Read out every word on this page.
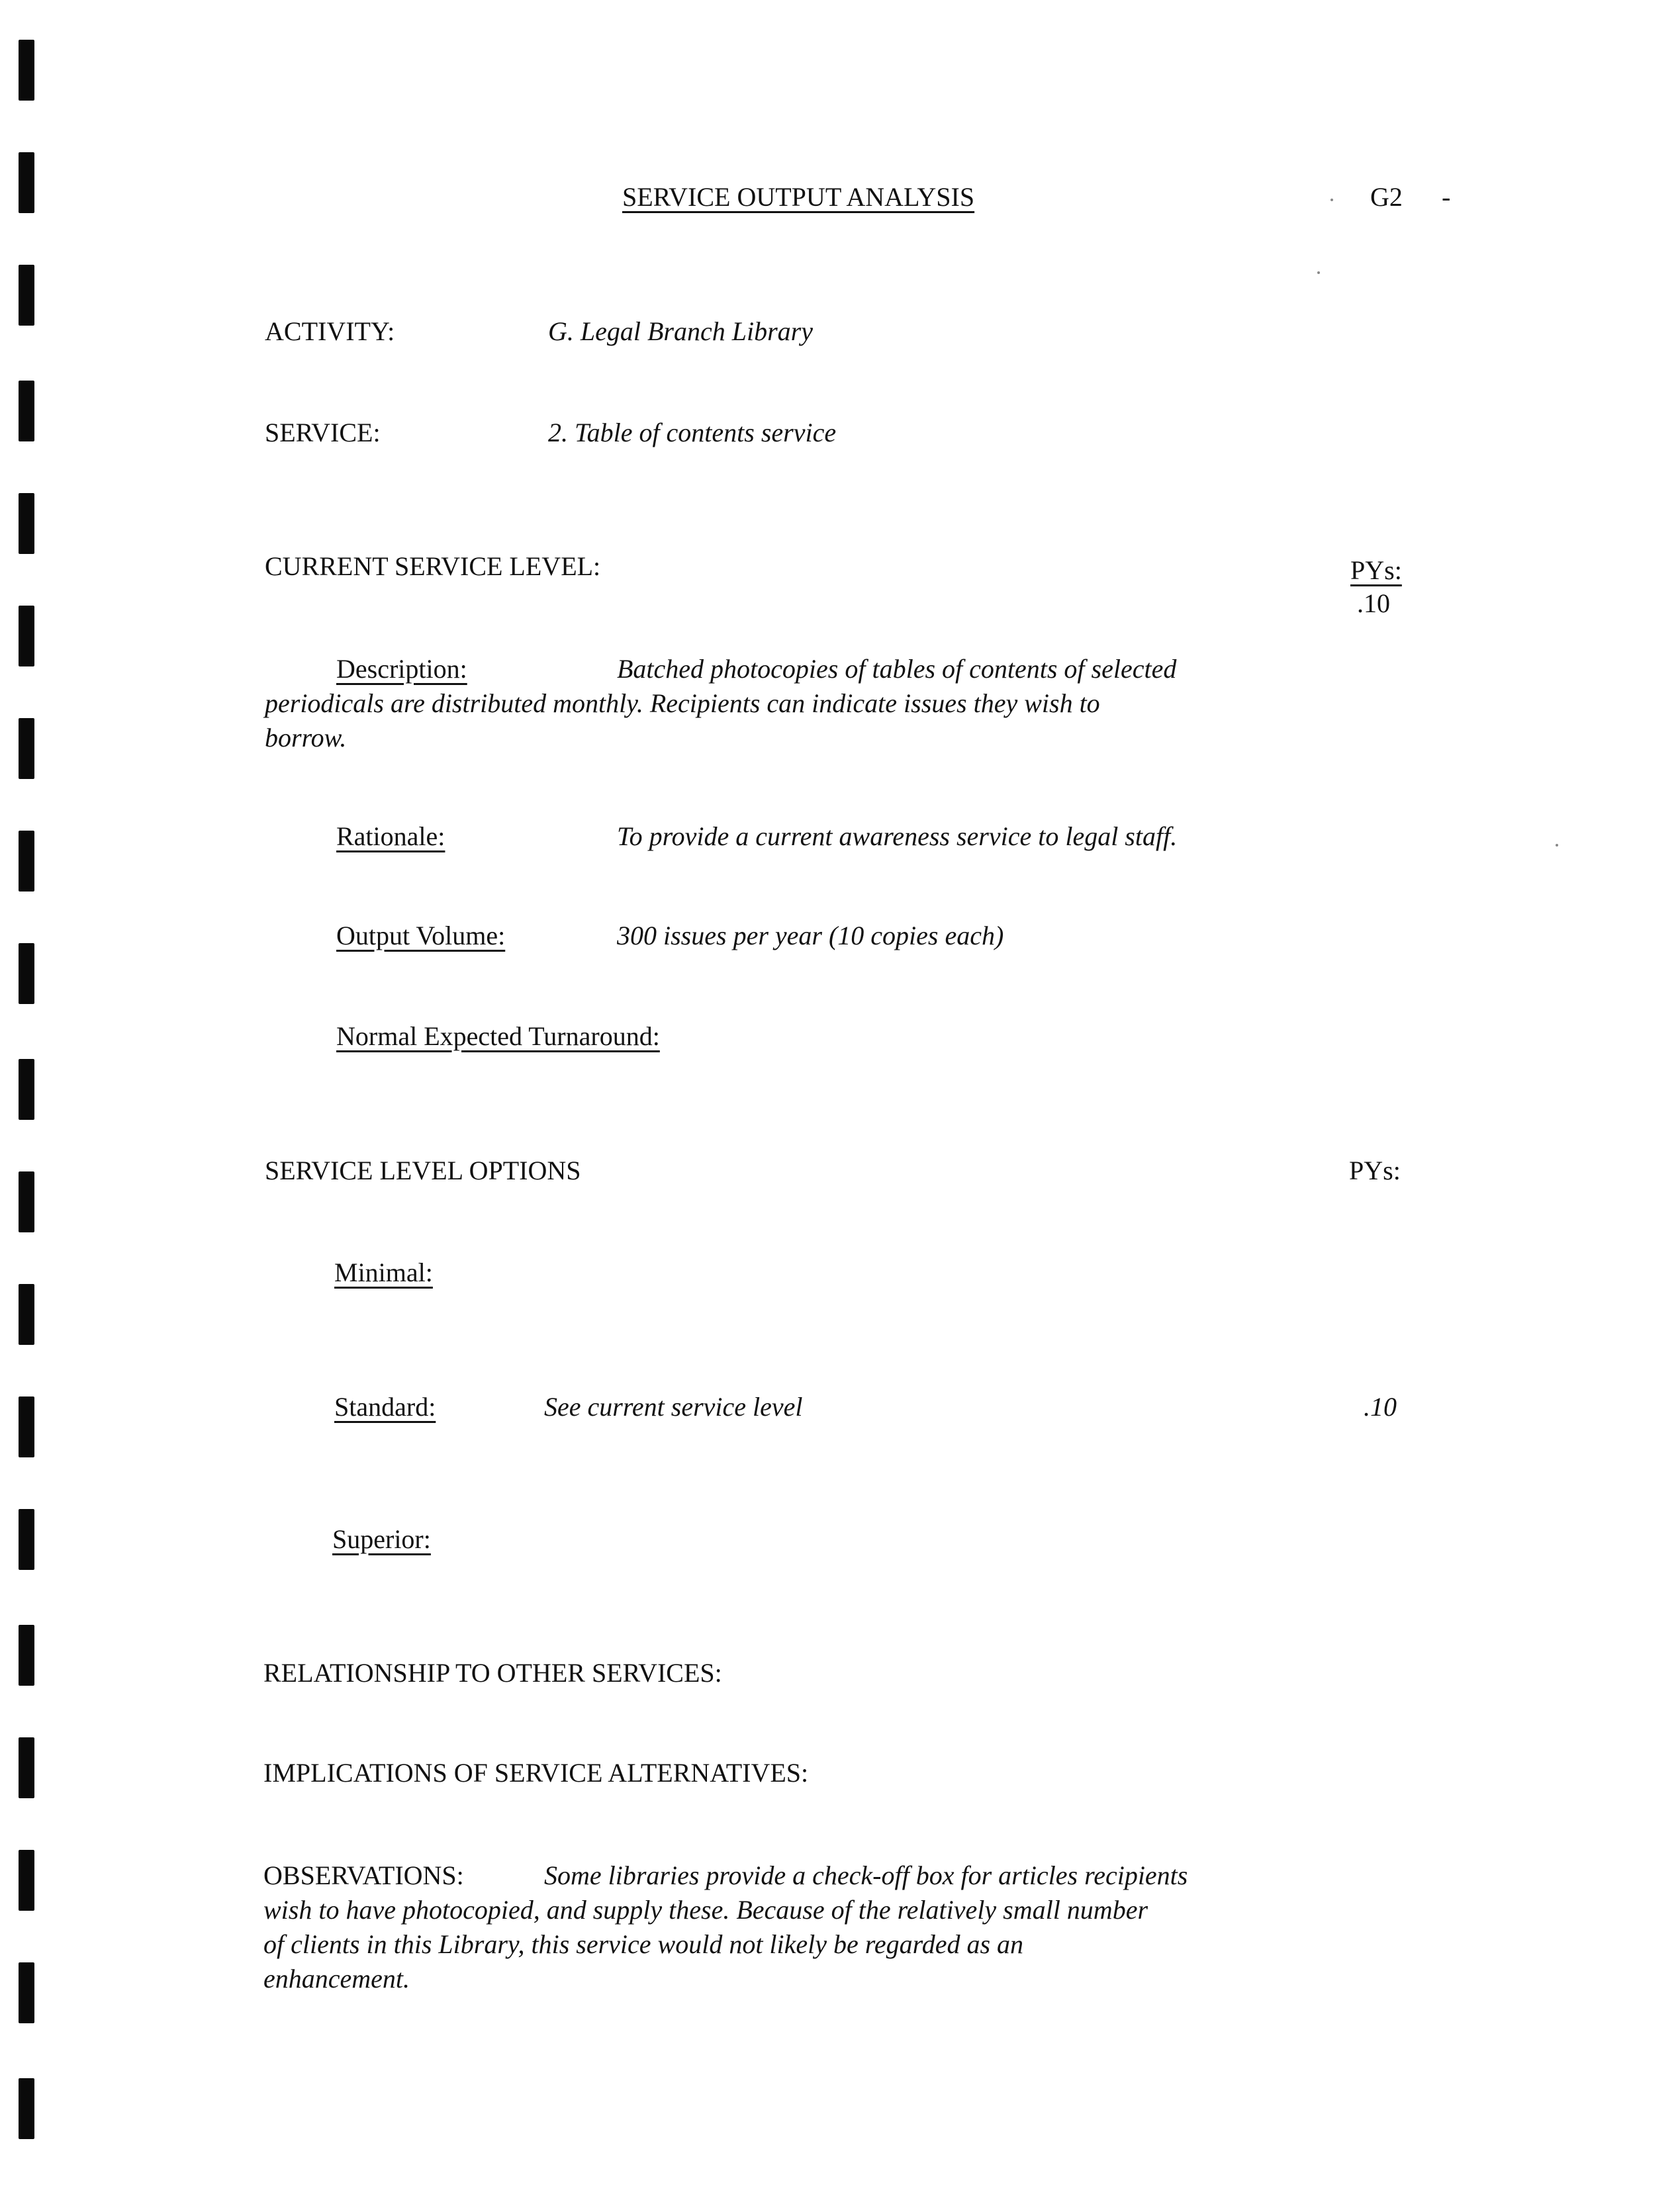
SERVICE OUTPUT ANALYSIS	G2 -
ACTIVITY:	G. Legal Branch Library
SERVICE:	2. Table of contents service
CURRENT SERVICE LEVEL:	PYs:
.10
Description:	Batched photocopies of tables of contents of selected
periodicals are distributed monthly. Recipients can indicate issues they wish to
borrow.
Rationale:	To provide a current awareness service to legal staff.
Output Volume:	300 issues per year (10 copies each)
Normal Expected Turnaround:
SERVICE LEVEL OPTIONS	PYs:
Minimal:
Standard:	See current service level	.10
Superior:
RELATIONSHIP TO OTHER SERVICES:
IMPLICATIONS OF SERVICE ALTERNATIVES:
OBSERVATIONS:	Some libraries provide a check-off box for articles recipients
wish to have photocopied, and supply these. Because of the relatively small number
of clients in this Library, this service would not likely be regarded as an
enhancement.
